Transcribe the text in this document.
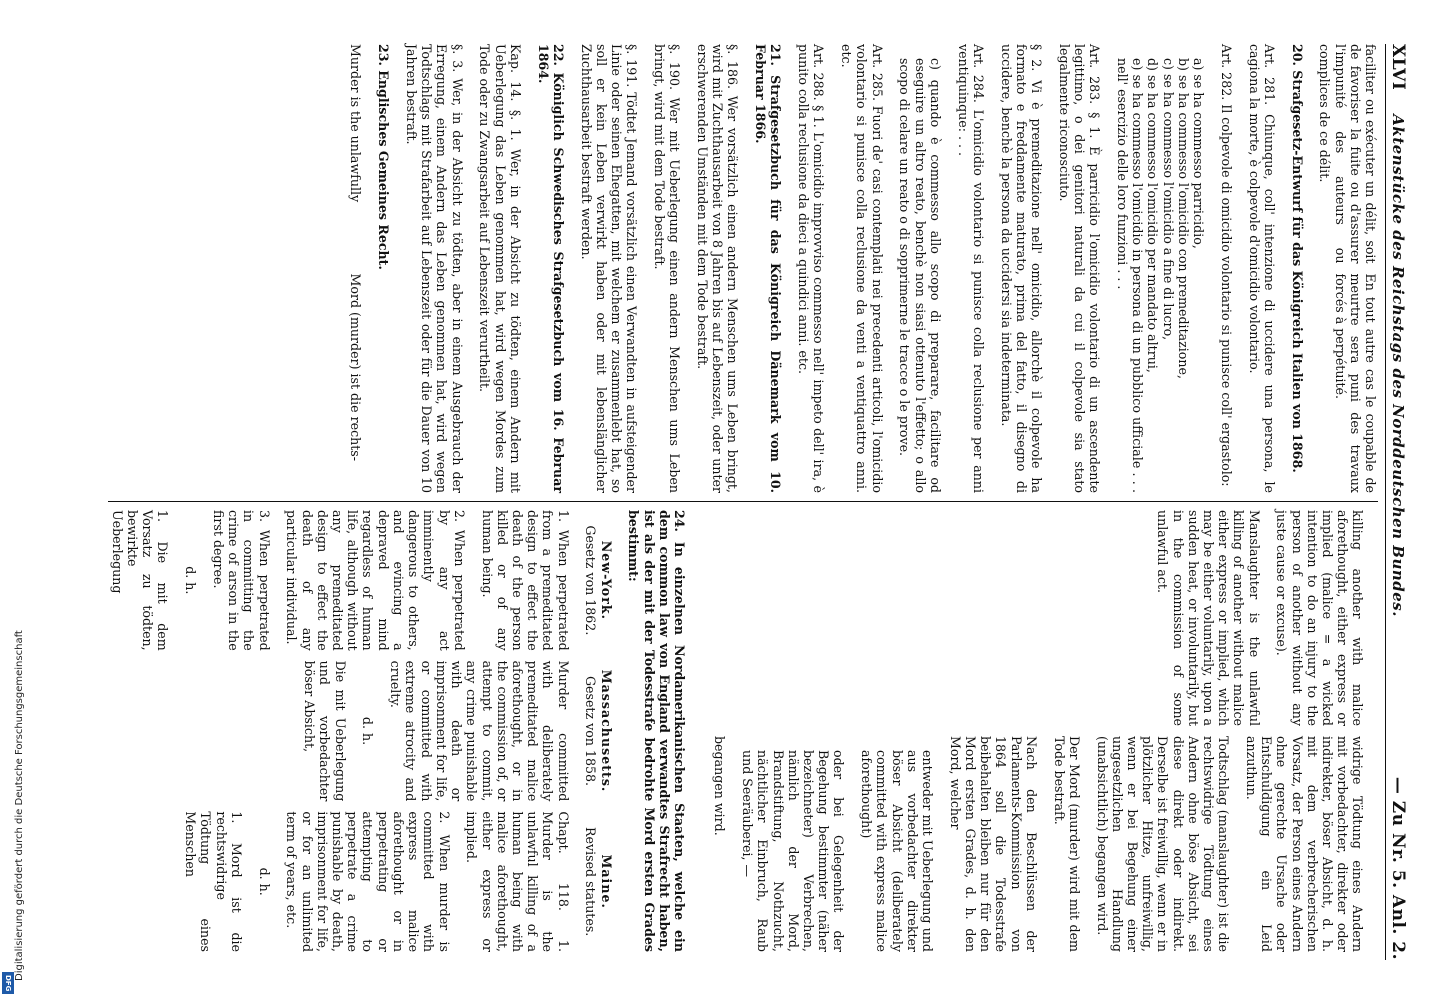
XLVI
Aktenstücke des Reichstags des Norddeutschen Bundes.
— Zu Nr. 5. Anl. 2.
faciliter ou exécuter un délit, soit de favoriser la fuite ou d'assurer l'impunité des auteurs ou complices de ce délit.
En tout autre cas le coupable de meurtre sera puni des travaux forcés à perpétuité.

20. Strafgesetz-Entwurf für das Königreich Italien von 1868.

Art. 281. Chiunque, coll' intenzione di uccidere una persona, le cagiona la morte, è colpevole d'omicidio volontario.

Art. 282. Il colpevole di omicidio volontario si punisce coll' ergastolo:

a) se ha commesso parricidio,
b) se ha commesso l'omicidio con premeditazione,
c) se ha commesso l'omicidio a fine di lucro,
d) se ha commesso l'omicidio per mandato altrui,
e) se ha commesso l'omicidio in persona di un pubblico ufficiale . . . nell' esercizio delle loro funzioni . . .

Art. 283. § 1. È parricidio l'omicidio volontario di un ascendente legittimo, o dei genitori naturali da cui il colpevole sia stato legalmente riconosciuto.

§ 2. Vi è premeditazione nell' omicidio, allorchè il colpevole ha formato e freddamente maturato, prima del fatto, il disegno di uccidere, benchè la persona da uccidersi sia indeterminata.

Art. 284. L'omicidio volontario si punisce colla reclusione per anni ventiquinque: . . .

c) quando è commesso allo scopo di preparare, facilitare od eseguire un altro reato, benchè non siasi ottenuto l'effetto; o allo scopo di celare un reato o di sopprimerne le tracce o le prove.

Art. 285. Fuori de' casi contemplati nei precedenti articoli, l'omicidio volontario si punisce colla reclusione da venti a ventiquattro anni. etc.

Art. 288. § 1. L'omicidio improvviso commesso nell' impeto dell' ira, è punito colla reclusione da dieci a quindici anni. etc.

21. Strafgesetzbuch für das Königreich Dänemark vom 10. Februar 1866.

§. 186. Wer vorsätzlich einen andern Menschen ums Leben bringt, wird mit Zuchthausarbeit von 8 Jahren bis auf Lebenszeit, oder unter erschwerenden Umständen mit dem Tode bestraft.

§. 190. Wer mit Ueberlegung einen andern Menschen ums Leben bringt, wird mit dem Tode bestraft.

§. 191. Tödtet Jemand vorsätzlich einen Verwandten in aufsteigender Linie oder seinen Ehegatten, mit welchem er zusammenlebt hat, so soll er kein Leben verwirkt haben oder mit lebenslänglicher Zuchthausarbeit bestraft werden.

22. Königlich Schwedisches Strafgesetzbuch vom 16. Februar 1864.

Kap. 14. §. 1. Wer, in der Absicht zu tödten, einem Andern mit Ueberlegung das Leben genommen hat, wird wegen Mordes zum Tode oder zu Zwangsarbeit auf Lebenszeit verurtheilt.

§. 3. Wer, in der Absicht zu tödten, aber in einem Ausgebrauch der Erregung, einem Andern das Leben genommen hat, wird wegen Todtschlags mit Strafarbeit auf Lebenszeit oder für die Dauer von 10 Jahren bestraft.

23. Englisches Gemeines Recht.

Murder is the unlawfully
Mord (murder) ist die rechts-

killing another with malice aforethought, either express or implied (malice = a wicked intention to do an injury to the person of another without any juste cause or excuse).

Manslaughter is the unlawful killing of another without malice either express or implied, which may be either voluntarily, upon a sudden heat, or involuntarily, but in the commission of some unlawful act.

widrige Tödtung eines Andern mit vorbedachter, direkter oder indirekter, böser Absicht, d. h. mit dem verbrecherischen Vorsatz, der Person eines Andern ohne gerechte Ursache oder Entschuldigung ein Leid anzuthun.

Todtschlag (manslaughter) ist die rechtswidrige Tödtung eines Andern ohne böse Absicht, sei diese direkt oder indirekt. Derselbe ist freiwillig, wenn er in plötzlicher Hitze, unfreiwillig, wenn er bei Begehung einer ungesetzlichen Handlung (unabsichtlich) begangen wird.

Der Mord (murder) wird mit dem Tode bestraft.

Nach den Beschlüssen der Parlaments-Kommission von 1864 soll die Todesstrafe beibehalten bleiben nur für den Mord ersten Grades, d. h. den Mord, welcher

entweder mit Ueberlegung und aus vorbedachter direkter böser Absicht (deliberately committed with express malice aforethought)

oder bei Gelegenheit der Begehung bestimmter (näher bezeichneter) Verbrechen, nämlich der Mord, Brandstiftung, Nothzucht, nächtlicher Einbruch, Raub und Seeräuberei, —

begangen wird.

24. In einzelnen Nordamerikanischen Staaten, welche ein dem common law von England verwandtes Strafrecht haben, ist als der mit der Todesstrafe bedrohte Mord ersten Grades bestimmt:

New-York.
Gesetz von 1862.

1. When perpetrated from a premeditated design to effect the death of the person killed or of any human being.

2. When perpetrated by any act imminently dangerous to others, and evincing a depraved mind regardless of human life, although without any premeditated design to effect the death of any particular individual.

3. When perpetrated in committing the crime of arson in the first degree.

d. h.

1. Die mit dem Vorsatz zu tödten, bewirkte Ueberlegung

Massachusetts.
Gesetz von 1858.

Murder committed with deliberately premeditated malice aforethought, or in the commission of, or attempt to commit, any crime punishable with death or imprisonment for life, or committed with extreme atrocity and cruelty.

d. h.

Die mit Ueberlegung und vorbedachter böser Absicht,

Maine.
Revised statutes.

Chapt. 118. 1. Murder is the unlawful killing of a human being with malice aforethought, either express or implied.

2. When murder is committed with express malice aforethought or in perpetrating or attempting to perpetrate a crime punishable by death, imprisonment for life, or for an unlimited term of years, etc.

d. h.

1. Mord ist die rechtswidrige Tödtung eines Menschen

Digitalisierung gefördert durch die Deutsche Forschungsgemeinschaft
DFG
